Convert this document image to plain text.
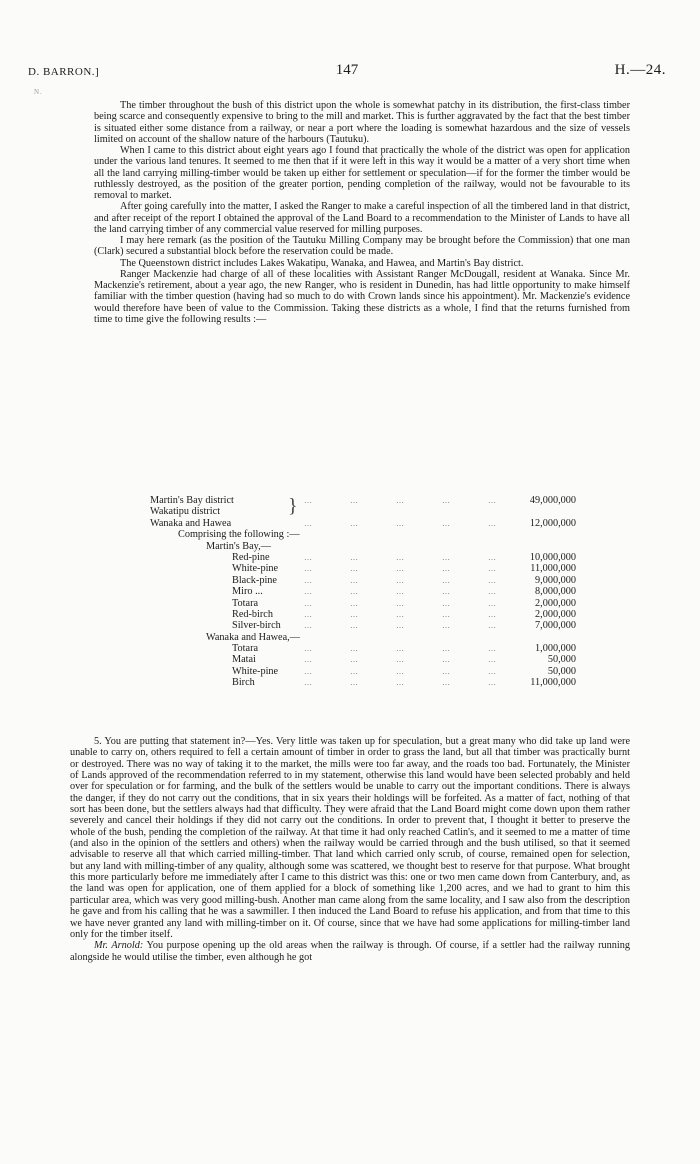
D. BARRON.]	147	H.—24.
N.

The timber throughout the bush of this district upon the whole is somewhat patchy in its distribution, the first-class timber being scarce and consequently expensive to bring to the mill and market. This is further aggravated by the fact that the best timber is situated either some distance from a railway, or near a port where the loading is somewhat hazardous and the size of vessels limited on account of the shallow nature of the harbours (Tautuku).

When I came to this district about eight years ago I found that practically the whole of the district was open for application under the various land tenures. It seemed to me then that if it were left in this way it would be a matter of a very short time when all the land carrying milling-timber would be taken up either for settlement or speculation—if for the former the timber would be ruthlessly destroyed, as the position of the greater portion, pending completion of the railway, would not be favourable to its removal to market.

After going carefully into the matter, I asked the Ranger to make a careful inspection of all the timbered land in that district, and after receipt of the report I obtained the approval of the Land Board to a recommendation to the Minister of Lands to have all the land carrying timber of any commercial value reserved for milling purposes.

I may here remark (as the position of the Tautuku Milling Company may be brought before the Commission) that one man (Clark) secured a substantial block before the reservation could be made.

The Queenstown district includes Lakes Wakatipu, Wanaka, and Hawea, and Martin's Bay district.

Ranger Mackenzie had charge of all of these localities with Assistant Ranger McDougall, resident at Wanaka. Since Mr. Mackenzie's retirement, about a year ago, the new Ranger, who is resident in Dunedin, has had little opportunity to make himself familiar with the timber question (having had so much to do with Crown lands since his appointment). Mr. Mackenzie's evidence would therefore have been of value to the Commission. Taking these districts as a whole, I find that the returns furnished from time to time give the following results :—

Martin's Bay district	… … … … … 49,000,000
}
Wakatipu district
Wanaka and Hawea	… … … … … 12,000,000
Comprising the following :—
Martin's Bay,—
Red-pine	… … … … … 10,000,000
White-pine	… … … … … 11,000,000
Black-pine	… … … … … 9,000,000
Miro ...	… … … … … 8,000,000
Totara	… … … … … 2,000,000
Red-birch	… … … … … 2,000,000
Silver-birch	… … … … … 7,000,000
Wanaka and Hawea,—
Totara	… … … … … 1,000,000
Matai	… … … … …	50,000
White-pine	… … … … …	50,000
Birch	… … … … … 11,000,000

5. You are putting that statement in?—Yes. Very little was taken up for speculation, but a great many who did take up land were unable to carry on, others required to fell a certain amount of timber in order to grass the land, but all that timber was practically burnt or destroyed. There was no way of taking it to the market, the mills were too far away, and the roads too bad. Fortunately, the Minister of Lands approved of the recommendation referred to in my statement, otherwise this land would have been selected probably and held over for speculation or for farming, and the bulk of the settlers would be unable to carry out the important conditions. There is always the danger, if they do not carry out the conditions, that in six years their holdings will be forfeited. As a matter of fact, nothing of that sort has been done, but the settlers always had that difficulty. They were afraid that the Land Board might come down upon them rather severely and cancel their holdings if they did not carry out the conditions. In order to prevent that, I thought it better to preserve the whole of the bush, pending the completion of the railway. At that time it had only reached Catlin's, and it seemed to me a matter of time (and also in the opinion of the settlers and others) when the railway would be carried through and the bush utilised, so that it seemed advisable to reserve all that which carried milling-timber. That land which carried only scrub, of course, remained open for selection, but any land with milling-timber of any quality, although some was scattered, we thought best to reserve for that purpose. What brought this more particularly before me immediately after I came to this district was this: one or two men came down from Canterbury, and, as the land was open for application, one of them applied for a block of something like 1,200 acres, and we had to grant to him this particular area, which was very good milling-bush. Another man came along from the same locality, and I saw also from the description he gave and from his calling that he was a sawmiller. I then induced the Land Board to refuse his application, and from that time to this we have never granted any land with milling-timber on it. Of course, since that we have had some applications for milling-timber land only for the timber itself.

Mr. Arnold: You purpose opening up the old areas when the railway is through. Of course, if a settler had the railway running alongside he would utilise the timber, even although he got
